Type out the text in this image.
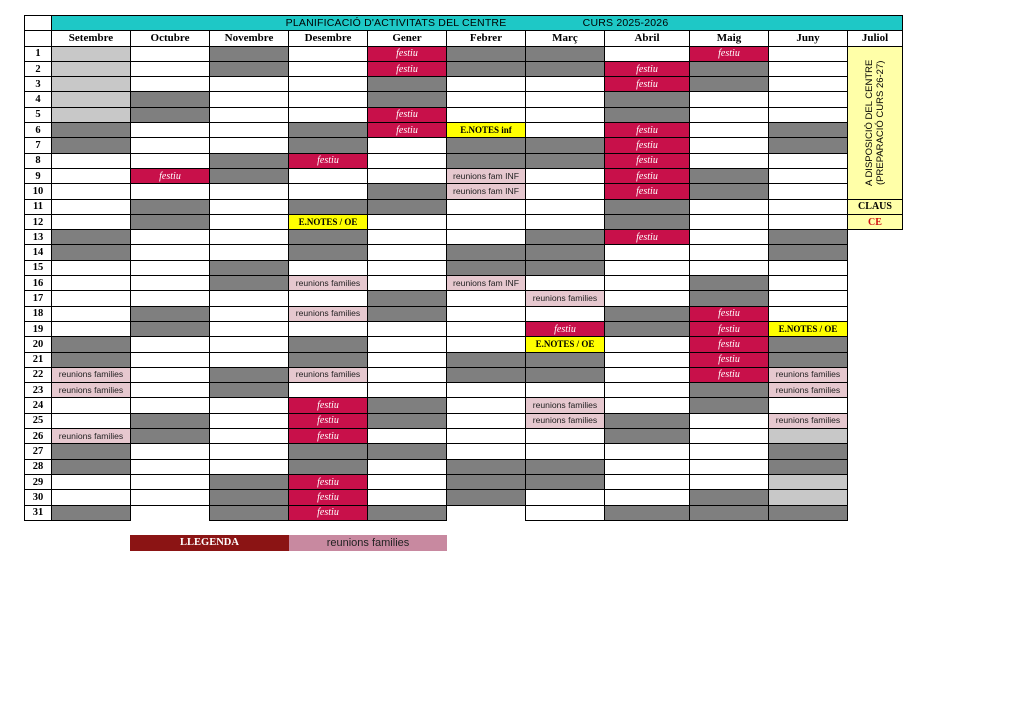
	PLANIFICACIÓ D'ACTIVITATS DEL CENTRE CURS 2025-2026										
	Setembre	Octubre	Novembre	Desembre	Gener	Febrer	Març	Abril	Maig	Juny	Juliol
1					festiu				festiu		A DISPOSICIÓ DEL CENTRE (PREPARACIÓ CURS 26-27)

2					festiu			festiu			
3								festiu			
4											
5					festiu						
6					festiu	E.NOTES inf		festiu			
7								festiu			
8				festiu				festiu			
9		festiu				reunions fam INF		festiu			
10						reunions fam INF		festiu			
11											CLAUS
12				E.NOTES / OE							CE
13								festiu			
14											
15											
16				reunions families		reunions fam INF					
17							reunions families				
18				reunions families					festiu		
19							festiu		festiu	E.NOTES / OE	
20							E.NOTES / OE		festiu		
21									festiu		
22	reunions families			reunions families					festiu	reunions families	
23	reunions families									reunions families	
24				festiu			reunions families				
25				festiu			reunions families			reunions families	
26	reunions families			festiu							
27											
28											
29				festiu							
30				festiu							
31				festiu							
LLEGENDA	reunions families
